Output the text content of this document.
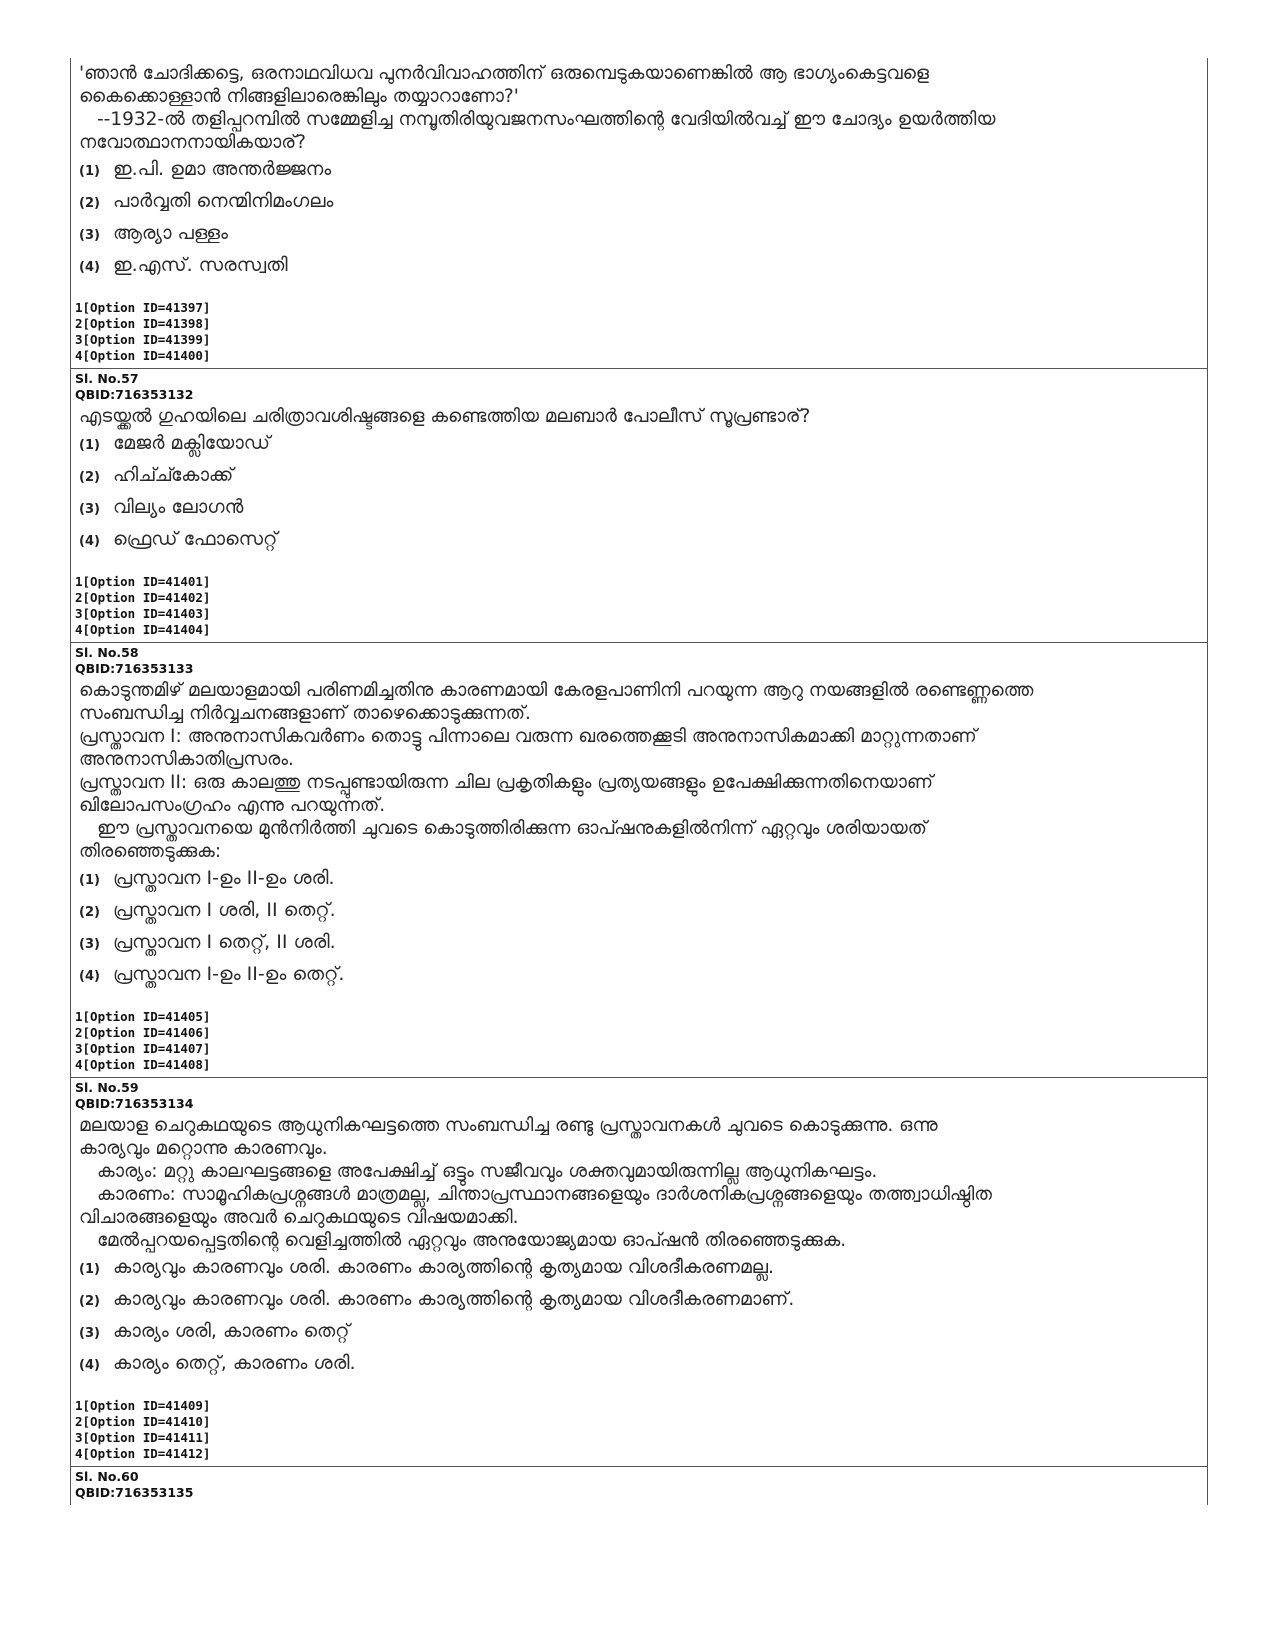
'ഞാൻ ചോദിക്കട്ടെ, ഒരനാഥവിധവ പുനർവിവാഹത്തിന് ഒരുമ്പെടുകയാണെങ്കിൽ ആ ഭാഗ്യംകെട്ടവളെ

കൈക്കൊള്ളാൻ നിങ്ങളിലാരെങ്കിലും തയ്യാറാണോ?'

--1932-ൽ തളിപ്പറമ്പിൽ സമ്മേളിച്ച നമ്പൂതിരിയുവജനസംഘത്തിന്റെ വേദിയിൽവച്ച് ഈ ചോദ്യം ഉയർത്തിയ

നവോത്ഥാനനായികയാര്?

(1) ഇ.പി. ഉമാ അന്തർജ്ജനം
(2) പാർവ്വതി നെന്മിനിമംഗലം
(3) ആര്യാ പള്ളം
(4) ഇ.എസ്. സരസ്വതി
1[Option ID=41397]
2[Option ID=41398]
3[Option ID=41399]
4[Option ID=41400]
Sl. No.57
QBID:716353132

എടയ്ക്കൽ ഗുഹയിലെ ചരിത്രാവശിഷ്ടങ്ങളെ കണ്ടെത്തിയ മലബാർ പോലീസ് സൂപ്രണ്ടാര്?

(1) മേജർ മക്ലിയോഡ്
(2) ഹിച്ച്കോക്ക്
(3) വില്യം ലോഗൻ
(4) ഫ്രെഡ് ഫോസെറ്റ്
1[Option ID=41401]
2[Option ID=41402]
3[Option ID=41403]
4[Option ID=41404]
Sl. No.58
QBID:716353133

കൊടുന്തമിഴ് മലയാളമായി പരിണമിച്ചതിനു കാരണമായി കേരളപാണിനി പറയുന്ന ആറു നയങ്ങളിൽ രണ്ടെണ്ണത്തെ

സംബന്ധിച്ച നിർവ്വചനങ്ങളാണ് താഴെക്കൊടുക്കുന്നത്.

പ്രസ്താവന I: അനുനാസികവർണം തൊട്ടു പിന്നാലെ വരുന്ന ഖരത്തെക്കൂടി അനുനാസികമാക്കി മാറ്റുന്നതാണ്

അനുനാസികാതിപ്രസരം.

പ്രസ്താവന II: ഒരു കാലത്തു നടപ്പുണ്ടായിരുന്ന ചില പ്രകൃതികളും പ്രത്യയങ്ങളും ഉപേക്ഷിക്കുന്നതിനെയാണ്

ഖിലോപസംഗ്രഹം എന്നു പറയുന്നത്.

ഈ പ്രസ്താവനയെ മുൻനിർത്തി ചുവടെ കൊടുത്തിരിക്കുന്ന ഓപ്ഷനുകളിൽനിന്ന് ഏറ്റവും ശരിയായത്

തിരഞ്ഞെടുക്കുക:

(1) പ്രസ്താവന I-ഉം II-ഉം ശരി.
(2) പ്രസ്താവന I ശരി, II തെറ്റ്.
(3) പ്രസ്താവന I തെറ്റ്, II ശരി.
(4) പ്രസ്താവന I-ഉം II-ഉം തെറ്റ്.
1[Option ID=41405]
2[Option ID=41406]
3[Option ID=41407]
4[Option ID=41408]
Sl. No.59
QBID:716353134

മലയാള ചെറുകഥയുടെ ആധുനികഘട്ടത്തെ സംബന്ധിച്ച രണ്ടു പ്രസ്താവനകൾ ചുവടെ കൊടുക്കുന്നു. ഒന്നു

കാര്യവും മറ്റൊന്നു കാരണവും.

കാര്യം: മറ്റു കാലഘട്ടങ്ങളെ അപേക്ഷിച്ച് ഒട്ടും സജീവവും ശക്തവുമായിരുന്നില്ല ആധുനികഘട്ടം.

കാരണം: സാമൂഹികപ്രശ്നങ്ങൾ മാത്രമല്ല, ചിന്താപ്രസ്ഥാനങ്ങളെയും ദാർശനികപ്രശ്നങ്ങളെയും തത്ത്വാധിഷ്ഠിത

വിചാരങ്ങളെയും അവർ ചെറുകഥയുടെ വിഷയമാക്കി.

മേൽപ്പറയപ്പെട്ടതിന്റെ വെളിച്ചത്തിൽ ഏറ്റവും അനുയോജ്യമായ ഓപ്ഷൻ തിരഞ്ഞെടുക്കുക.

(1) കാര്യവും കാരണവും ശരി. കാരണം കാര്യത്തിന്റെ കൃത്യമായ വിശദീകരണമല്ല.
(2) കാര്യവും കാരണവും ശരി. കാരണം കാര്യത്തിന്റെ കൃത്യമായ വിശദീകരണമാണ്.
(3) കാര്യം ശരി, കാരണം തെറ്റ്
(4) കാര്യം തെറ്റ്, കാരണം ശരി.
1[Option ID=41409]
2[Option ID=41410]
3[Option ID=41411]
4[Option ID=41412]
Sl. No.60
QBID:716353135
